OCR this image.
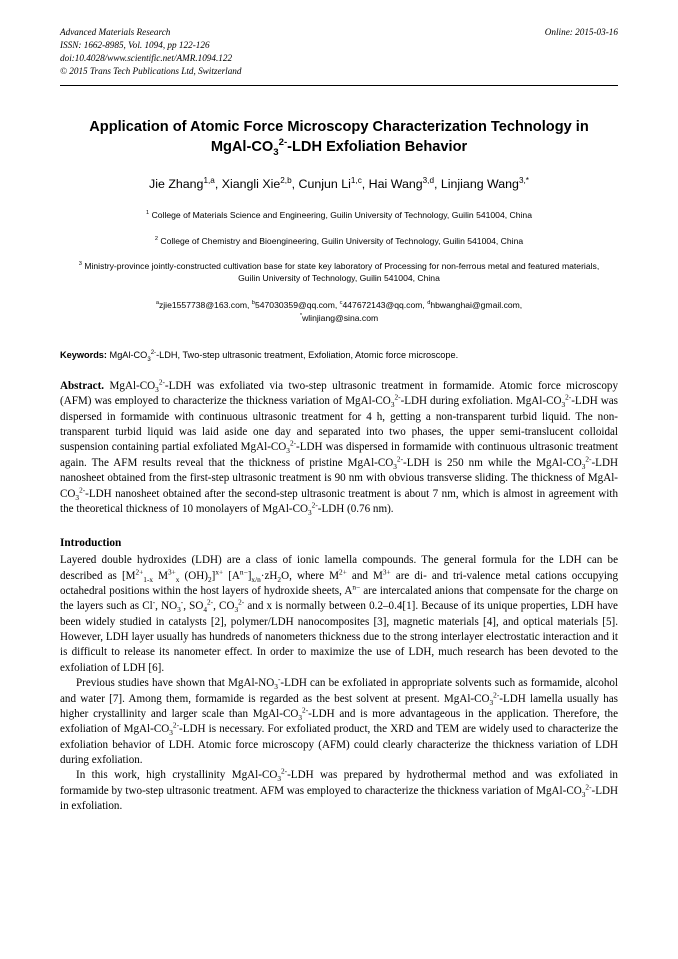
Advanced Materials Research
ISSN: 1662-8985, Vol. 1094, pp 122-126
doi:10.4028/www.scientific.net/AMR.1094.122
© 2015 Trans Tech Publications Ltd, Switzerland
Online: 2015-03-16
Application of Atomic Force Microscopy Characterization Technology in
MgAl-$CO_3^{2-}$-LDH Exfoliation Behavior
Jie Zhang$^{1,a}$, Xiangli Xie$^{2,b}$, Cunjun Li$^{1,c}$, Hai Wang$^{3,d}$, Linjiang Wang$^{3,*}$
$^1$ College of Materials Science and Engineering, Guilin University of Technology, Guilin 541004, China
$^2$ College of Chemistry and Bioengineering, Guilin University of Technology, Guilin 541004, China
$^3$ Ministry-province jointly-constructed cultivation base for state key laboratory of Processing for non-ferrous metal and featured materials, Guilin University of Technology, Guilin 541004, China
$^a$zjie1557738@163.com, $^b$547030359@qq.com, $^c$447672143@qq.com, $^d$hbwanghai@gmail.com,
*wlinjiang@sina.com
Keywords: MgAl-$CO_3^{2-}$-LDH, Two-step ultrasonic treatment, Exfoliation, Atomic force microscope.
Abstract. MgAl-$CO_3^{2-}$-LDH was exfoliated via two-step ultrasonic treatment in formamide. Atomic force microscopy (AFM) was employed to characterize the thickness variation of MgAl-$CO_3^{2-}$-LDH during exfoliation. MgAl-$CO_3^{2-}$-LDH was dispersed in formamide with continuous ultrasonic treatment for 4 h, getting a non-transparent turbid liquid. The non-transparent turbid liquid was laid aside one day and separated into two phases, the upper semi-translucent colloidal suspension containing partial exfoliated MgAl-$CO_3^{2-}$-LDH was dispersed in formamide with continuous ultrasonic treatment again. The AFM results reveal that the thickness of pristine MgAl-$CO_3^{2-}$-LDH is 250 nm while the MgAl-$CO_3^{2-}$-LDH nanosheet obtained from the first-step ultrasonic treatment is 90 nm with obvious transverse sliding. The thickness of MgAl-$CO_3^{2-}$-LDH nanosheet obtained after the second-step ultrasonic treatment is about 7 nm, which is almost in agreement with the theoretical thickness of 10 monolayers of MgAl-$CO_3^{2-}$-LDH (0.76 nm).
Introduction
Layered double hydroxides (LDH) are a class of ionic lamella compounds. The general formula for the LDH can be described as [$M^{2+}_{1-x}$ $M^{3+}_x$ $(OH)_2]^{x+}$ $[A^{n-}]_{x/n}\cdot zH_2O$, where $M^{2+}$ and $M^{3+}$ are di- and tri-valence metal cations occupying octahedral positions within the host layers of hydroxide sheets, $A^{n-}$ are intercalated anions that compensate for the charge on the layers such as Cl-, $NO_3^-$, $SO_4^{2-}$, $CO_3^{2-}$ and x is normally between 0.2–0.4[1]. Because of its unique properties, LDH have been widely studied in catalysts [2], polymer/LDH nanocomposites [3], magnetic materials [4], and optical materials [5]. However, LDH layer usually has hundreds of nanometers thickness due to the strong interlayer electrostatic interaction and it is difficult to release its nanometer effect. In order to maximize the use of LDH, much research has been devoted to the exfoliation of LDH [6].
Previous studies have shown that MgAl-$NO_3^-$-LDH can be exfoliated in appropriate solvents such as formamide, alcohol and water [7]. Among them, formamide is regarded as the best solvent at present. MgAl-$CO_3^{2-}$-LDH lamella usually has higher crystallinity and larger scale than MgAl-$CO_3^{2-}$-LDH and is more advantageous in the application. Therefore, the exfoliation of MgAl-$CO_3^{2-}$-LDH is necessary. For exfoliated product, the XRD and TEM are widely used to characterize the exfoliation behavior of LDH. Atomic force microscopy (AFM) could clearly characterize the thickness variation of LDH during exfoliation.
In this work, high crystallinity MgAl-$CO_3^{2-}$-LDH was prepared by hydrothermal method and was exfoliated in formamide by two-step ultrasonic treatment. AFM was employed to characterize the thickness variation of MgAl-$CO_3^{2-}$-LDH in exfoliation.
